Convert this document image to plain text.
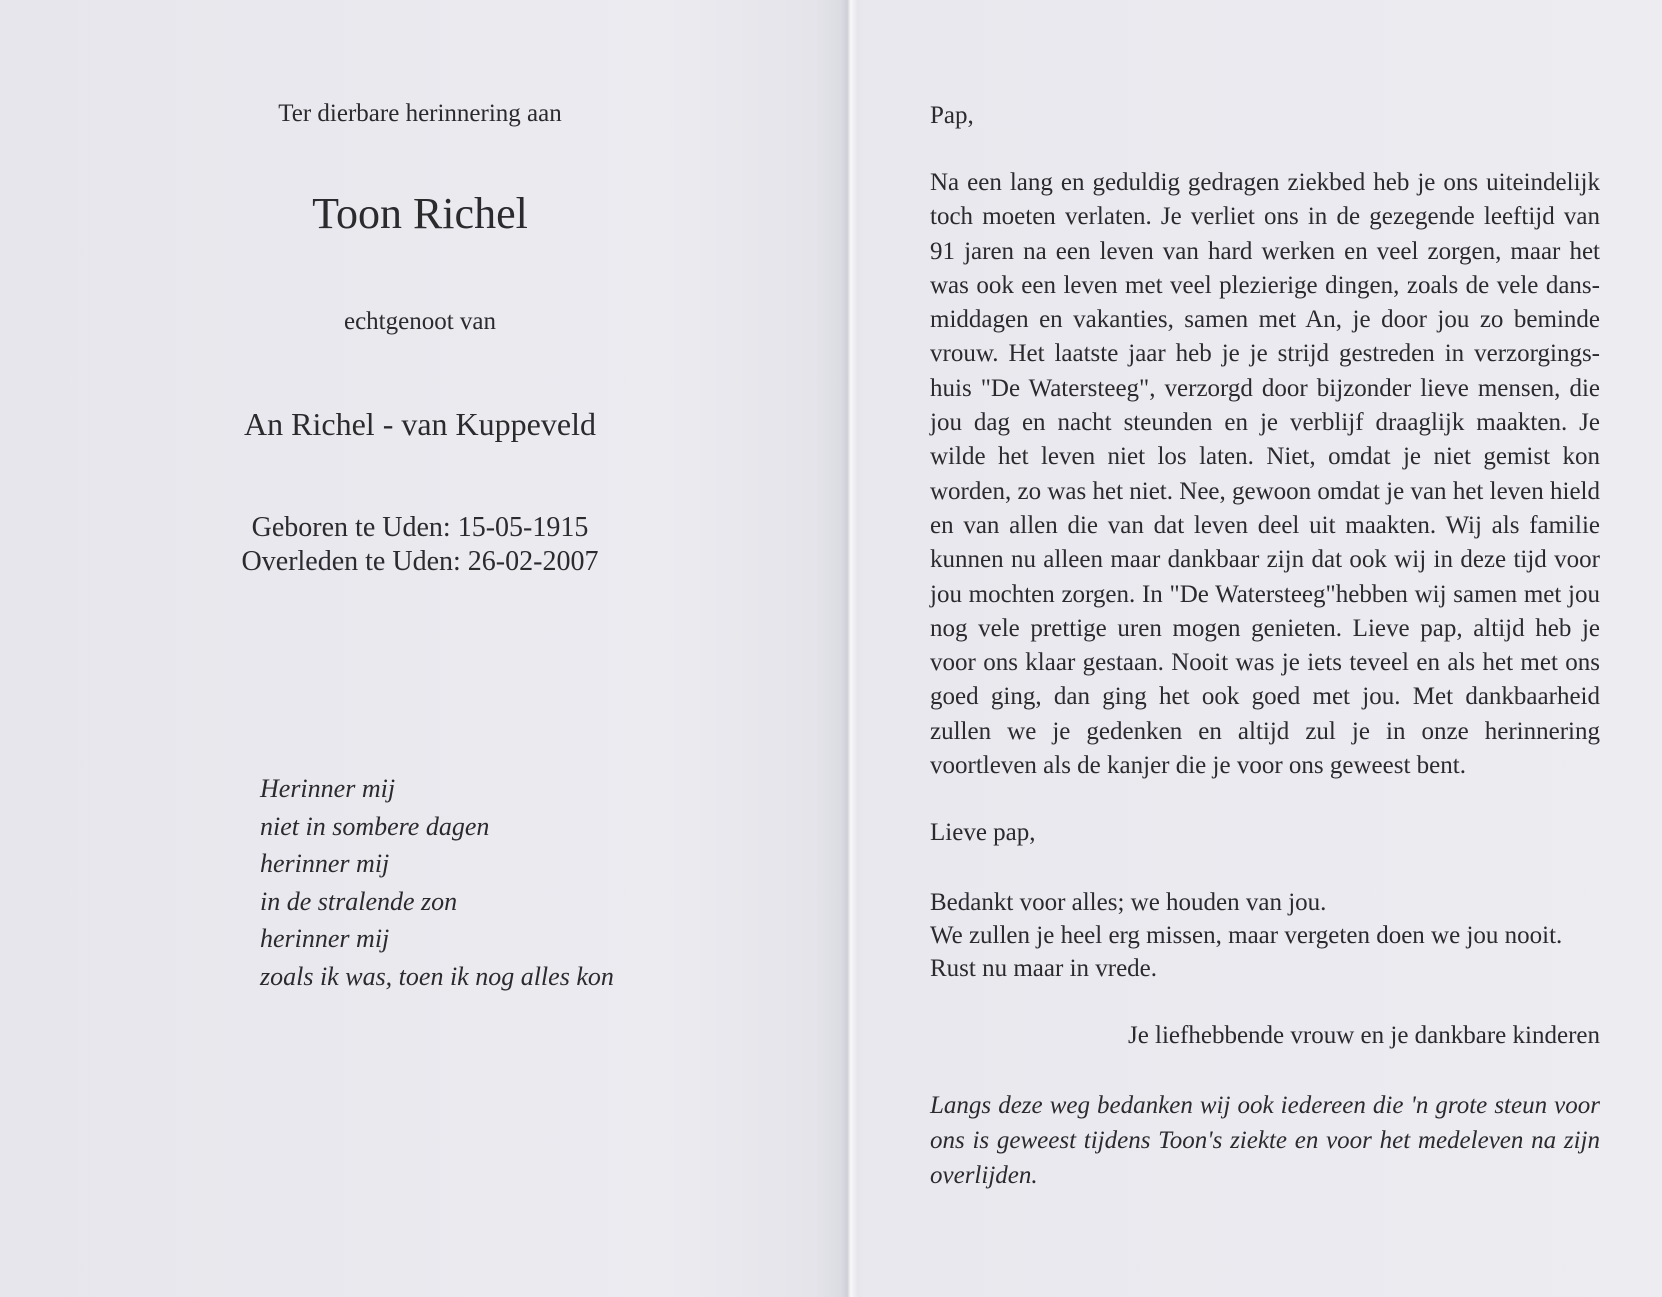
Ter dierbare herinnering aan
Toon Richel
echtgenoot van
An Richel - van Kuppeveld
Geboren te Uden: 15-05-1915
Overleden te Uden: 26-02-2007
Herinner mij
niet in sombere dagen
herinner mij
in de stralende zon
herinner mij
zoals ik was, toen ik nog alles kon
Pap,

Na een lang en geduldig gedragen ziekbed heb je ons uiteindelijk toch moeten verlaten. Je verliet ons in de gezegende leeftijd van 91 jaren na een leven van hard werken en veel zorgen, maar het was ook een leven met veel plezierige dingen, zoals de vele dans-middagen en vakanties, samen met An, je door jou zo beminde vrouw. Het laatste jaar heb je je strijd gestreden in verzorgings-huis "De Watersteeg", verzorgd door bijzonder lieve mensen, die jou dag en nacht steunden en je verblijf draaglijk maakten. Je wilde het leven niet los laten. Niet, omdat je niet gemist kon worden, zo was het niet. Nee, gewoon omdat je van het leven hield en van allen die van dat leven deel uit maakten. Wij als familie kunnen nu alleen maar dankbaar zijn dat ook wij in deze tijd voor jou mochten zorgen. In "De Watersteeg"hebben wij samen met jou nog vele prettige uren mogen genieten. Lieve pap, altijd heb je voor ons klaar gestaan. Nooit was je iets teveel en als het met ons goed ging, dan ging het ook goed met jou. Met dankbaarheid zullen we je gedenken en altijd zul je in onze herinnering voortleven als de kanjer die je voor ons geweest bent.

Lieve pap,
Bedankt voor alles; we houden van jou.
We zullen je heel erg missen, maar vergeten doen we jou nooit.
Rust nu maar in vrede.
Je liefhebbende vrouw en je dankbare kinderen

Langs deze weg bedanken wij ook iedereen die 'n grote steun voor ons is geweest tijdens Toon's ziekte en voor het medeleven na zijn overlijden.
